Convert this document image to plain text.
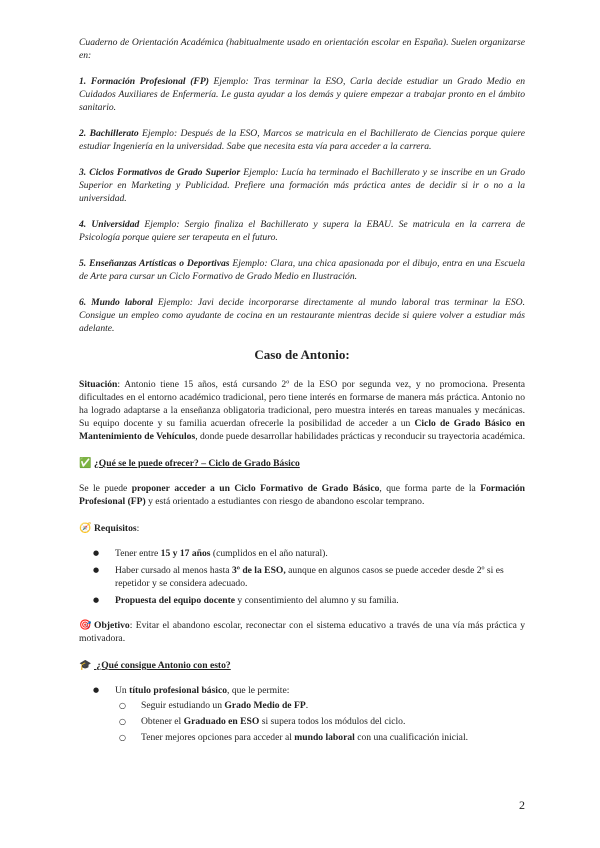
Cuaderno de Orientación Académica (habitualmente usado en orientación escolar en España). Suelen organizarse en:

1. Formación Profesional (FP) Ejemplo: Tras terminar la ESO, Carla decide estudiar un Grado Medio en Cuidados Auxiliares de Enfermería. Le gusta ayudar a los demás y quiere empezar a trabajar pronto en el ámbito sanitario.

2. Bachillerato Ejemplo: Después de la ESO, Marcos se matricula en el Bachillerato de Ciencias porque quiere estudiar Ingeniería en la universidad. Sabe que necesita esta vía para acceder a la carrera.

3. Ciclos Formativos de Grado Superior Ejemplo: Lucía ha terminado el Bachillerato y se inscribe en un Grado Superior en Marketing y Publicidad. Prefiere una formación más práctica antes de decidir si ir o no a la universidad.

4. Universidad Ejemplo: Sergio finaliza el Bachillerato y supera la EBAU. Se matricula en la carrera de Psicología porque quiere ser terapeuta en el futuro.

5. Enseñanzas Artísticas o Deportivas Ejemplo: Clara, una chica apasionada por el dibujo, entra en una Escuela de Arte para cursar un Ciclo Formativo de Grado Medio en Ilustración.

6. Mundo laboral Ejemplo: Javi decide incorporarse directamente al mundo laboral tras terminar la ESO. Consigue un empleo como ayudante de cocina en un restaurante mientras decide si quiere volver a estudiar más adelante.

Caso de Antonio:

Situación: Antonio tiene 15 años, está cursando 2º de la ESO por segunda vez, y no promociona. Presenta dificultades en el entorno académico tradicional, pero tiene interés en formarse de manera más práctica. Antonio no ha logrado adaptarse a la enseñanza obligatoria tradicional, pero muestra interés en tareas manuales y mecánicas. Su equipo docente y su familia acuerdan ofrecerle la posibilidad de acceder a un Ciclo de Grado Básico en Mantenimiento de Vehículos, donde puede desarrollar habilidades prácticas y reconducir su trayectoria académica.

✅ ¿Qué se le puede ofrecer? – Ciclo de Grado Básico

Se le puede proponer acceder a un Ciclo Formativo de Grado Básico, que forma parte de la Formación Profesional (FP) y está orientado a estudiantes con riesgo de abandono escolar temprano.

🧭 Requisitos:

● Tener entre 15 y 17 años (cumplidos en el año natural).
● Haber cursado al menos hasta 3º de la ESO, aunque en algunos casos se puede acceder desde 2º si es repetidor y se considera adecuado.
● Propuesta del equipo docente y consentimiento del alumno y su familia.

🎯 Objetivo: Evitar el abandono escolar, reconectar con el sistema educativo a través de una vía más práctica y motivadora.

🎓 ¿Qué consigue Antonio con esto?

● Un título profesional básico, que le permite:
○ Seguir estudiando un Grado Medio de FP.
○ Obtener el Graduado en ESO si supera todos los módulos del ciclo.
○ Tener mejores opciones para acceder al mundo laboral con una cualificación inicial.
2
